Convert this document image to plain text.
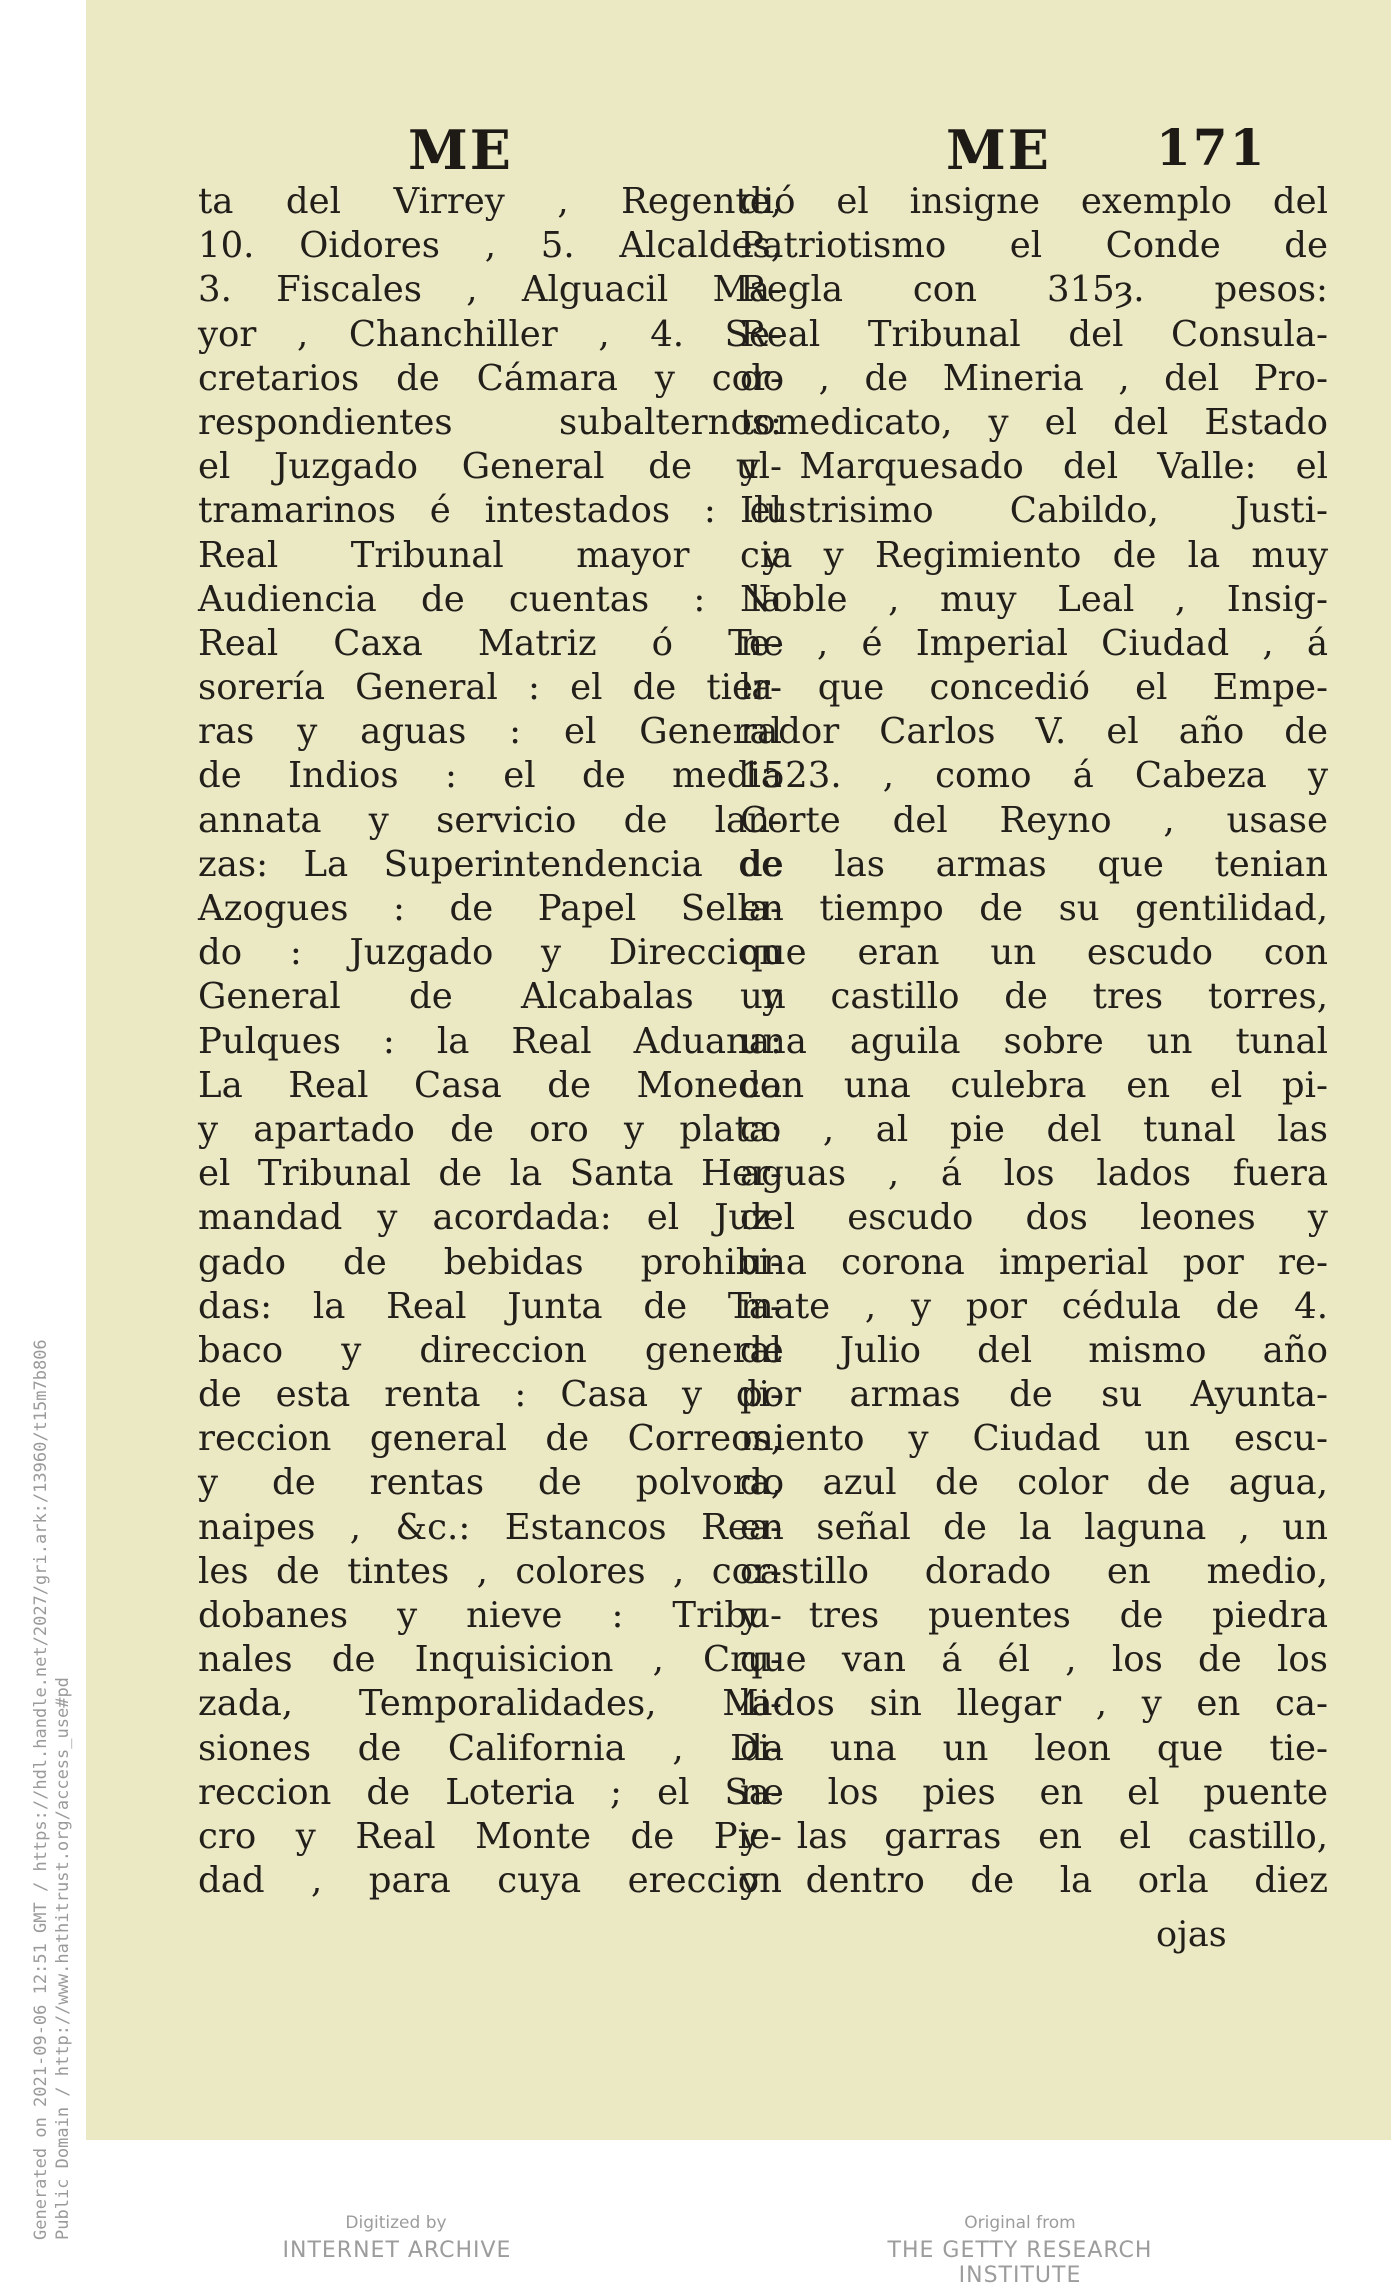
Generated on 2021-09-06 12:51 GMT / https://hdl.handle.net/2027/gri.ark:/13960/t15m7b806 Public Domain / http://www.hathitrust.org/access_use#pd
ME	ME 171
ta del Virrey , Regente,
10. Oidores , 5. Alcaldes,
3. Fiscales , Alguacil Ma-
yor , Chanchiller , 4. Se-
cretarios de Cámara y cor-
respondientes subalternos:
el Juzgado General de ul-
tramarinos é intestados : el
Real Tribunal mayor y
Audiencia de cuentas : la
Real Caxa Matriz ó Te-
sorería General : el de tier-
ras y aguas : el General
de Indios : el de media
annata y servicio de lan-
zas: La Superintendencia de
Azogues : de Papel Sella-
do : Juzgado y Direccion
General de Alcabalas y
Pulques : la Real Aduana:
La Real Casa de Moneda
y apartado de oro y plata:
el Tribunal de la Santa Her-
mandad y acordada: el Juz-
gado de bebidas prohibi-
das: la Real Junta de Ta-
baco y direccion general
de esta renta : Casa y di-
reccion general de Correos,
y de rentas de polvora,
naipes , &c.: Estancos Rea-
les de tintes , colores , cor-
dobanes y nieve : Tribu-
nales de Inquisicion , Cru-
zada, Temporalidades, Mi-
siones de California , Di-
reccion de Loteria ; el Sa-
cro y Real Monte de Pie-
dad , para cuya ereccion
dió el insigne exemplo del
Patriotismo el Conde de
Regla con 315ȝ. pesos:
Real Tribunal del Consula-
do , de Mineria , del Pro-
tomedicato, y el del Estado
y Marquesado del Valle: el
Ilustrisimo Cabildo, Justi-
cia y Regimiento de la muy
Noble , muy Leal , Insig-
ne , é Imperial Ciudad , á
la que concedió el Empe-
rador Carlos V. el año de
1523. , como á Cabeza y
Corte del Reyno , usase
de las armas que tenian
en tiempo de su gentilidad,
que eran un escudo con
un castillo de tres torres,
una aguila sobre un tunal
con una culebra en el pi-
co , al pie del tunal las
aguas , á los lados fuera
del escudo dos leones y
una corona imperial por re-
mate , y por cédula de 4.
de Julio del mismo año
por armas de su Ayunta-
miento y Ciudad un escu-
do azul de color de agua,
en señal de la laguna , un
castillo dorado en medio,
y tres puentes de piedra
que van á él , los de los
lados sin llegar , y en ca-
da una un leon que tie-
ne los pies en el puente
y las garras en el castillo,
y dentro de la orla diez
ojas
Digitized by
INTERNET ARCHIVE
Original from
THE GETTY RESEARCH INSTITUTE
